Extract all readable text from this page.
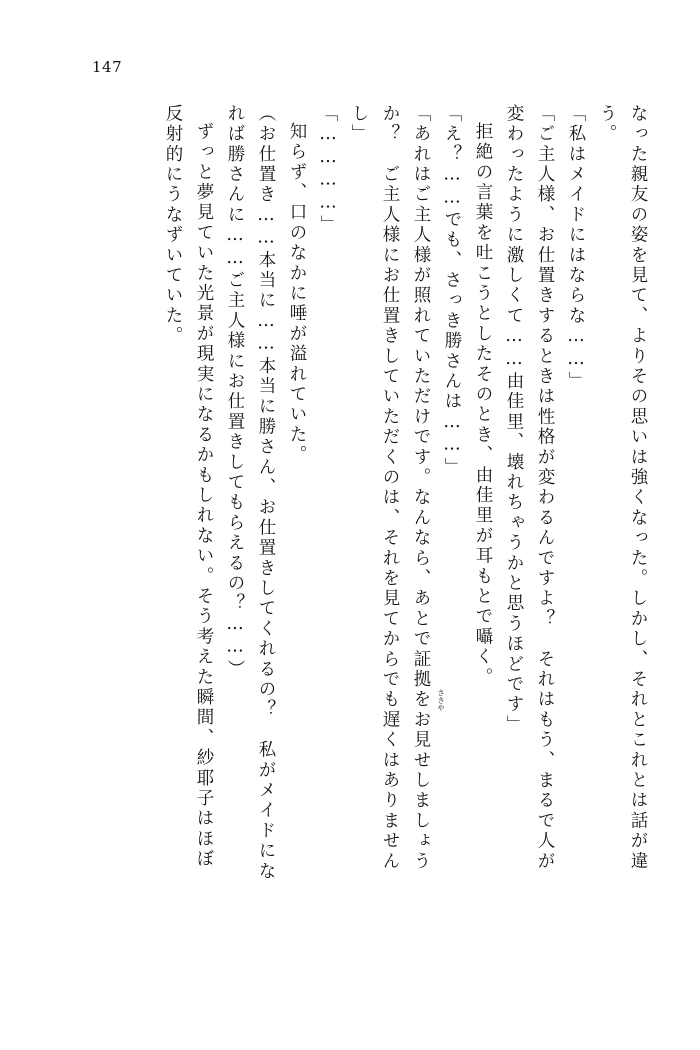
147
なった親友の姿を見て、よりその思いは強くなった。しかし、それとこれとは話が違
う。
「私はメイドにはならな……」
「ご主人様、お仕置きするときは性格が変わるんですよ？　それはもう、まるで人が
変わったように激しくて……由佳里、壊れちゃうかと思うほどです」
拒絶の言葉を吐こうとしたそのとき、由佳里が耳もとで囁く。
「え？……でも、さっき勝さんは……」
「あれはご主人様が照れていただけです。なんなら、あとで証拠をお見せしましょう
か？　ご主人様にお仕置きしていただくのは、それを見てからでも遅くはありません
し」
「…………」
知らず、口のなかに唾が溢れていた。
（お仕置き……本当に……本当に勝さん、お仕置きしてくれるの？　私がメイドにな
れば勝さんに……ご主人様にお仕置きしてもらえるの？……）
ずっと夢見ていた光景が現実になるかもしれない。そう考えた瞬間、紗耶子はほぼ
反射的にうなずいていた。
ささや
